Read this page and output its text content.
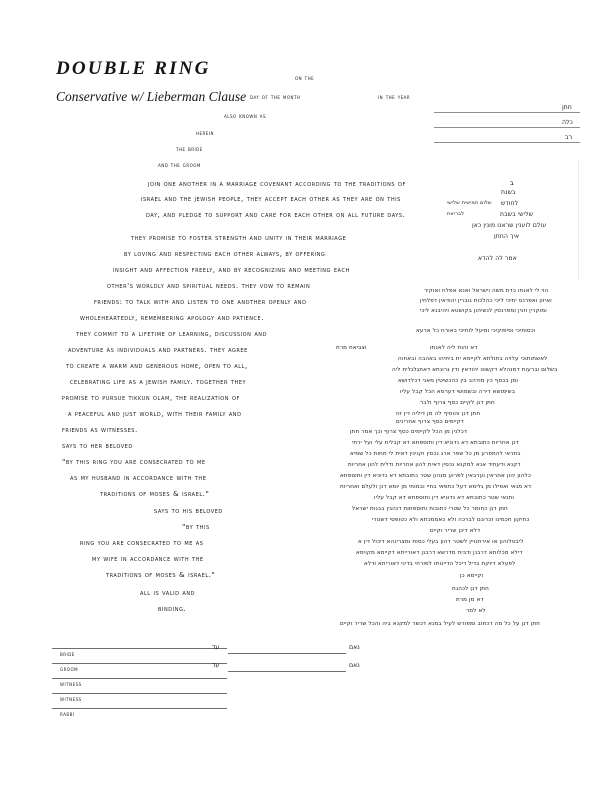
DOUBLE RING
Conservative w/ Lieberman Clause
on the
day of the month	in the year
חתן
כלה
רב
also known as
herein
the bride
and the groom
join one another in a marriage covenant according to the traditions of
israel and the jewish people, they accept each other as they are on this
day, and pledge to support and care for each other on all future days.
they promise to foster strength and unity in their marriage
by loving and respecting each other always, by offering
insight and affection freely, and by recognizing and meeting each
other's worldly and spiritual needs. they vow to remain
friends: to talk with and listen to one another openly and
wholeheartedly, remembering apology and patience.
they commit to a lifetime of learning, discussion and
adventure as individuals and partners. they agree
to create a warm and generous home, open to all,
celebrating life as a jewish family. together they
promise to pursue tikkun olam, the realization of
a peaceful and just world, with their family and
friends as witnesses.
says to her beloved
"by this ring you are consecrated to me
as my husband in accordance with the
traditions of moses & israel."
says to his beloved
"by this
ring you are consecrated to me as
my wife in accordance with the
traditions of moses & israel."
all is valid and
binding.
ב
בשנת
לחודש
שלישי בשבת
עולם לוענין שראנו מונין כאן
איך החתן
אמר לה להדא
שלום חמישית שלישי
לבריאת
הוי לי לאנתו כדת משה וישראל ואנא אפלח ואוקיר
ואיזון ואפרנס יתיכי ליכי כהלכות גוברין יהודאין דפלחין
ומוקרין וזנין ומפרנסין לנשיהון בקושטא ויהיבנא ליכי
וכסותיכי וסיפוקיכי ומיעל לותיכי כאורח כל ארעא
וצביאת מרת	דא והות ליה לאנתו
לאשתותוכי עלויה בתולתא לקיימא ית ביתיהו באהבה ובאחוה
בשלום וברעות דמנהלא דקשוט יהודאין ודין גרונתא דאתגלגלית ליה
ומן בכסף כין מודהב בין כהכשיטין מאני דכלדושא
בשימושא דירה ובשמושי דערסא הכל קבל עליו
חתן דנן לקיים כסף צרוף ולבר
חתן דנן והוסיף לה מן דיליה דין זוז
דקיימים כסף צרוף אחרינים
דכלנין מן הכל לקיימים כסף צרוף וכך אמר חתן
דנן אחריות כתובתא דא נדוניא דין ותוספתא דא קבלית עלי ועל ירתי
בתראי להתפרע מן כל שפר ארג נכסין וקנינין דאית לי תחות כל שמיא
דקנא ודעתיד אנא למקנא נכסין דאית להון אחריות ודלית להון אחריות
כלהון יהון אחראין וערבאין לפרוע מנהון שטר כתובתא דא נדוניא דין ותוספתא
דא מנאי ואפילו מן גלימא דעל כתפאי בחיי ובמותי מן יומא דנן ולעלם ואחריות
ותנאי שטר כתובתא דא נדוניא דין ותוספתא דא קבל עליו
חתן דנן כחומר כל שטרי כתובות ותוספתות דנהגין בבנות ישראל
כתיקון חכמינו זכרונם לברכה ולא כאסמכתא ולא כטופסי דשטרי
דלא דיכן שריר וקיים
ליבטלוהון או אירתנויין לשטר דהון בעלי כסות ומצרינהא דיכול דין א
דילא מכלותא דרבנן ודבית מדרשא דרבנן דאורייתא דקיימא מקוימא
לפעלא דיוקת בדיל דיכל הדיינותו לפורחי בדיני דאוריתא ודלא
וקיימא כן
חתן דנן לכהנת
דא מן מרת
לא למר
חתן דנן על כל מה דכתוב ומפורש לעיל במנא דכשר למקנא ביה והכל שריר וקיים
bride
groom
witness
witness
rabbi
עד	נאם
עד	נאם
